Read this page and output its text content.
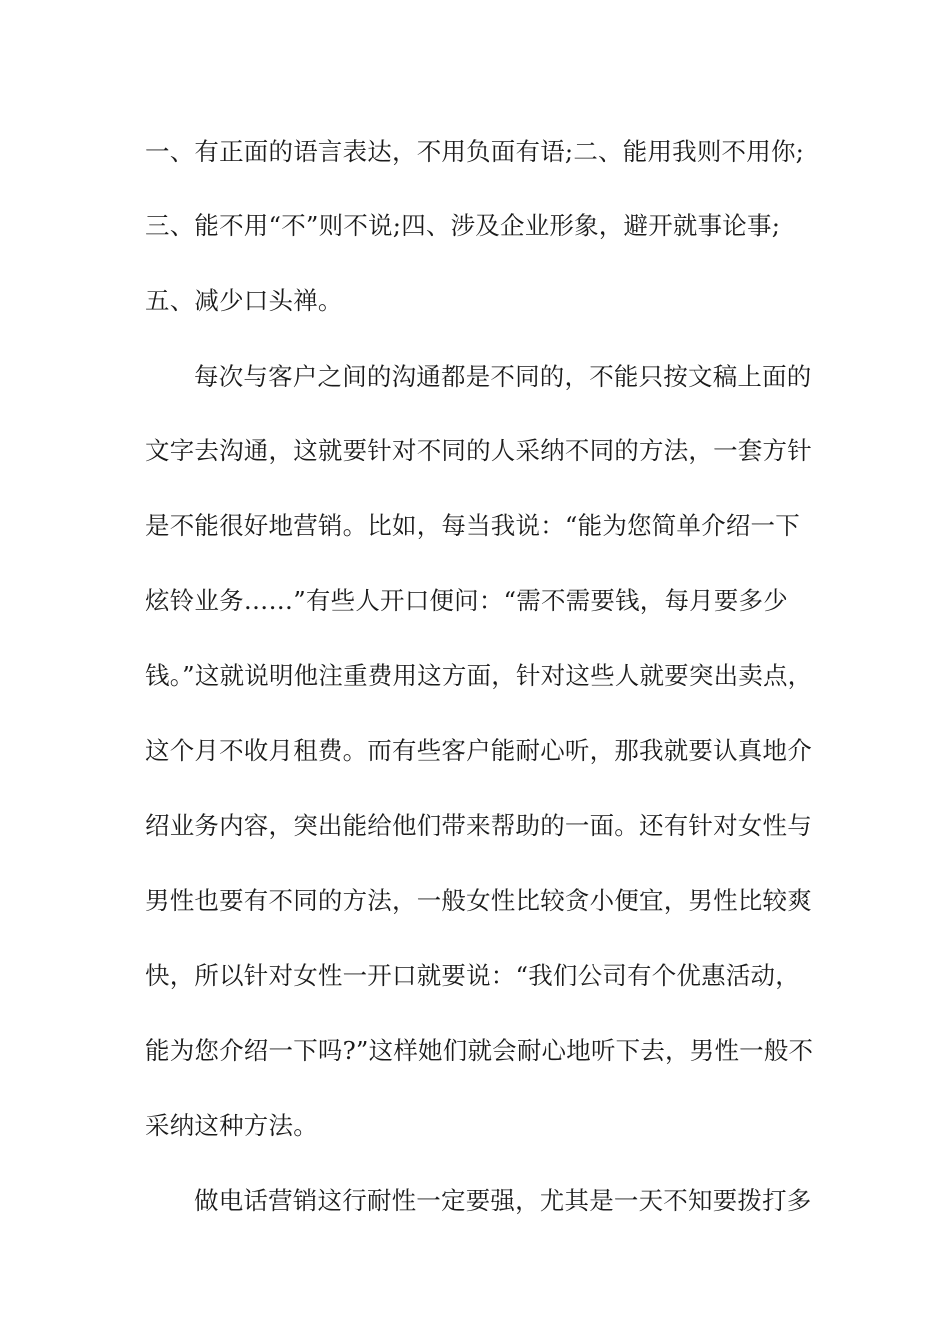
一、有正面的语言表达，不用负面有语;二、能用我则不用你;
三、能不用“不”则不说;四、涉及企业形象，避开就事论事;
五、减少口头禅。
每次与客户之间的沟通都是不同的，不能只按文稿上面的
文字去沟通，这就要针对不同的人采纳不同的方法，一套方针
是不能很好地营销。比如，每当我说：“能为您简单介绍一下
炫铃业务……”有些人开口便问：“需不需要钱，每月要多少
钱。”这就说明他注重费用这方面，针对这些人就要突出卖点，
这个月不收月租费。而有些客户能耐心听，那我就要认真地介
绍业务内容，突出能给他们带来帮助的一面。还有针对女性与
男性也要有不同的方法，一般女性比较贪小便宜，男性比较爽
快，所以针对女性一开口就要说：“我们公司有个优惠活动，
能为您介绍一下吗?”这样她们就会耐心地听下去，男性一般不
采纳这种方法。
做电话营销这行耐性一定要强，尤其是一天不知要拨打多
